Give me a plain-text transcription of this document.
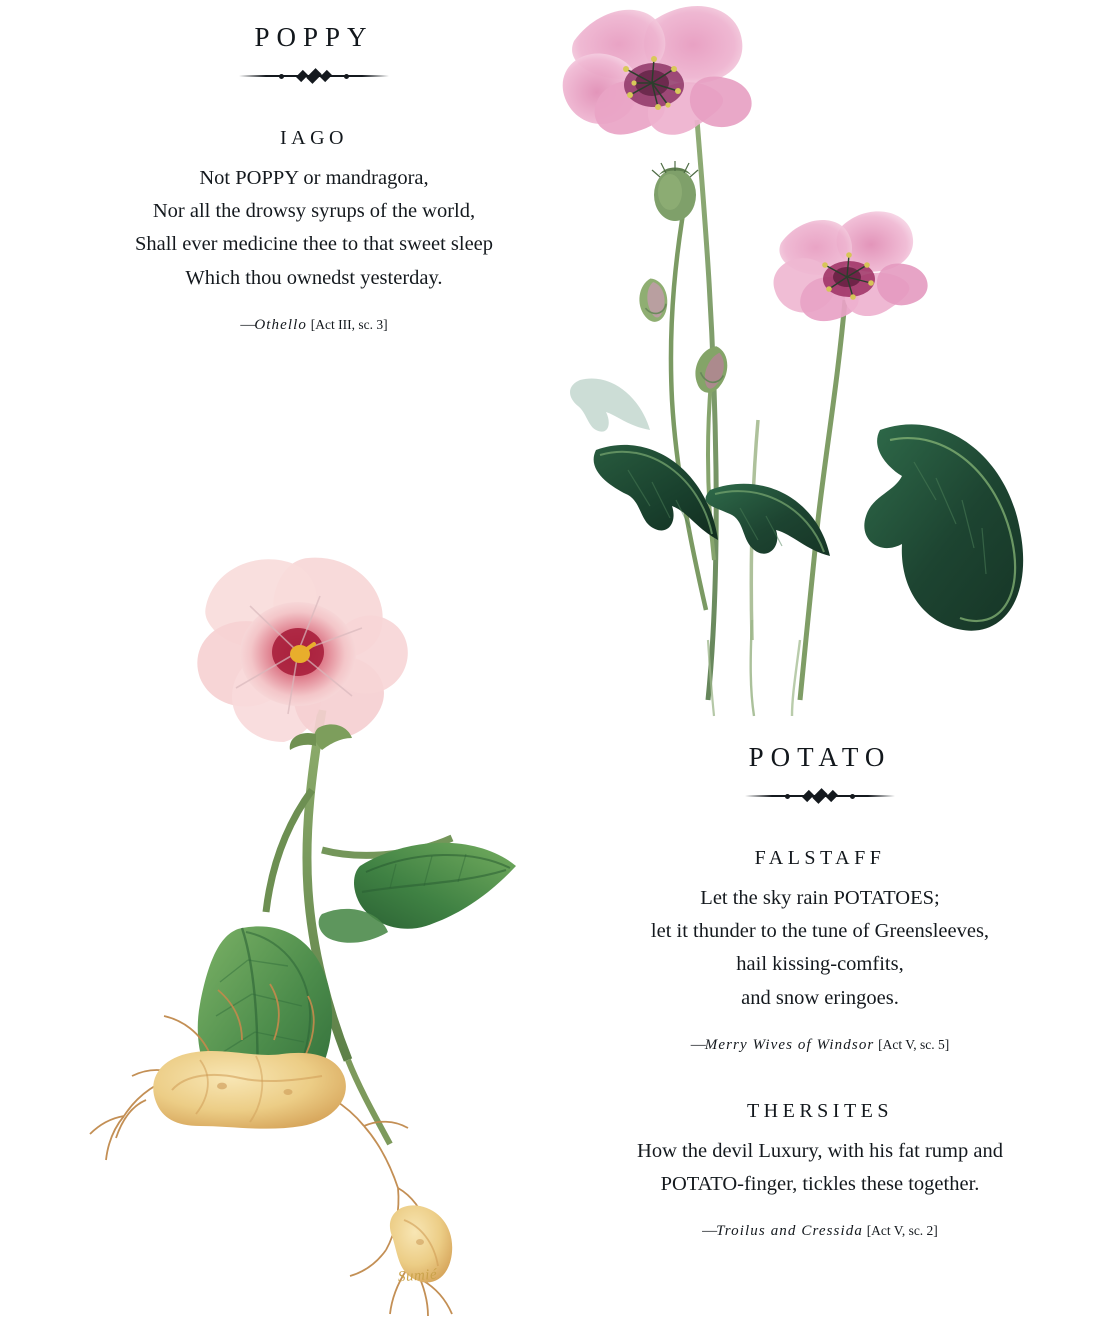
POPPY
IAGO
Not POPPY or mandragora,
Nor all the drowsy syrups of the world,
Shall ever medicine thee to that sweet sleep
Which thou ownedst yesterday.
—Othello [Act III, sc. 3]
POTATO
FALSTAFF
Let the sky rain POTATOES;
let it thunder to the tune of Greensleeves,
hail kissing-comfits,
and snow eringoes.
—Merry Wives of Windsor [Act V, sc. 5]
THERSITES
How the devil Luxury, with his fat rump and
POTATO-finger, tickles these together.
—Troilus and Cressida [Act V, sc. 2]
Sumié
